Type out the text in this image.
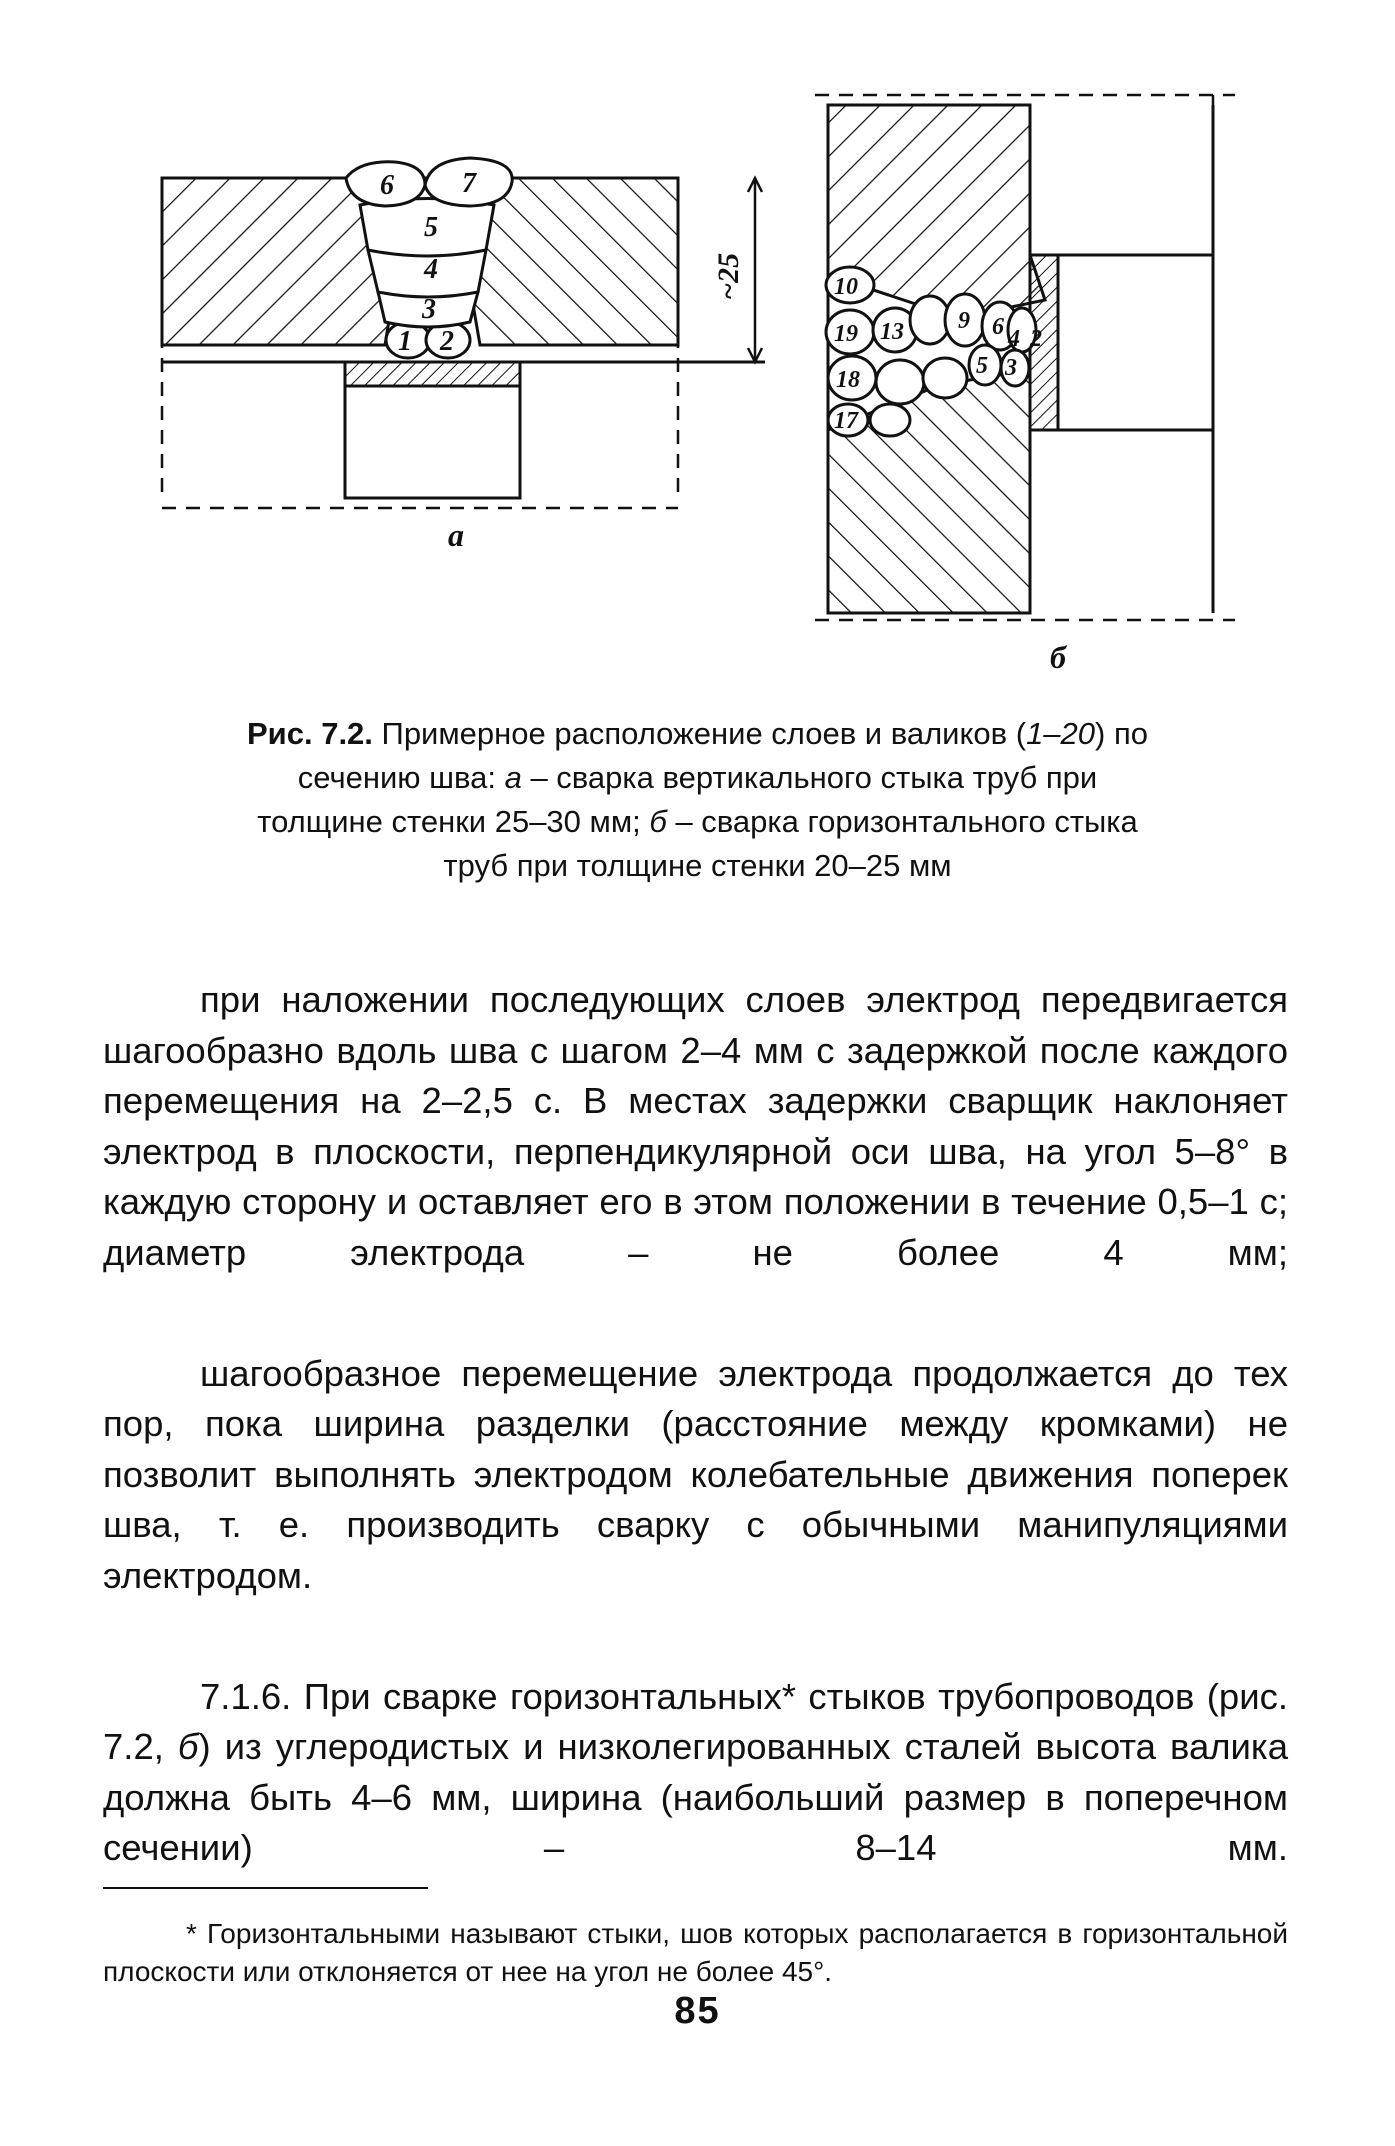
1 2
3
4
5
6 7
~25
а
10
19 13
18
17
9 6 4 2
3
5
б
Рис. 7.2. Примерное расположение слоев и валиков (1–20) по сечению шва: а – сварка вертикального стыка труб при толщине стенки 25–30 мм; б – сварка горизонтального стыка труб при толщине стенки 20–25 мм

при наложении последующих слоев электрод передвигается шагообразно вдоль шва с шагом 2–4 мм с задержкой после каждого перемещения на 2–2,5 с. В местах задержки сварщик наклоняет электрод в плоскости, перпендикулярной оси шва, на угол 5–8° в каждую сторону и оставляет его в этом положении в течение 0,5–1 с; диаметр электрода – не более 4 мм;

шагообразное перемещение электрода продолжается до тех пор, пока ширина разделки (расстояние между кромками) не позволит выполнять электродом колебательные движения поперек шва, т. е. производить сварку с обычными манипуляциями электродом.

7.1.6. При сварке горизонтальных* стыков трубопроводов (рис. 7.2, б) из углеродистых и низколегированных сталей высота валика должна быть 4–6 мм, ширина (наибольший размер в поперечном сечении) – 8–14 мм.

* Горизонтальными называют стыки, шов которых располагается в горизонтальной плоскости или отклоняется от нее на угол не более 45°.
85
